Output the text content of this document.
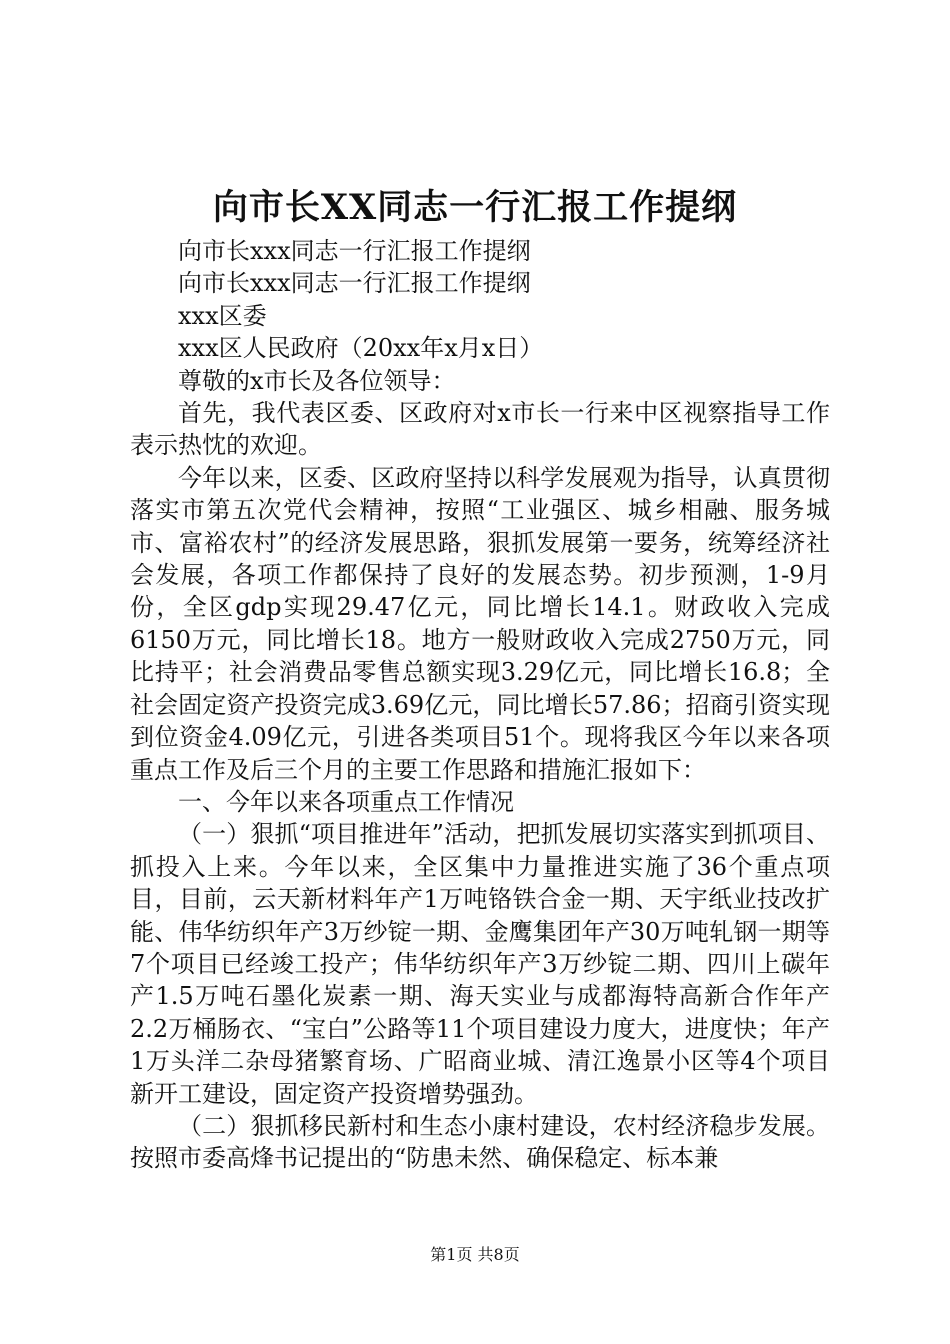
向市长XX同志一行汇报工作提纲

向市长xxx同志一行汇报工作提纲

向市长xxx同志一行汇报工作提纲

xxx区委

xxx区人民政府（20xx年x月x日）

尊敬的x市长及各位领导：

首先，我代表区委、区政府对x市长一行来中区视察指导工作表示热忱的欢迎。

今年以来，区委、区政府坚持以科学发展观为指导，认真贯彻落实市第五次党代会精神，按照“工业强区、城乡相融、服务城市、富裕农村”的经济发展思路，狠抓发展第一要务，统筹经济社会发展，各项工作都保持了良好的发展态势。初步预测，1-9月份，全区gdp实现29.47亿元，同比增长14.1。财政收入完成6150万元，同比增长18。地方一般财政收入完成2750万元，同比持平；社会消费品零售总额实现3.29亿元，同比增长16.8；全社会固定资产投资完成3.69亿元，同比增长57.86；招商引资实现到位资金4.09亿元，引进各类项目51个。现将我区今年以来各项重点工作及后三个月的主要工作思路和措施汇报如下：

一、今年以来各项重点工作情况

（一）狠抓“项目推进年”活动，把抓发展切实落实到抓项目、抓投入上来。今年以来，全区集中力量推进实施了36个重点项目，目前，云天新材料年产1万吨铬铁合金一期、天宇纸业技改扩能、伟华纺织年产3万纱锭一期、金鹰集团年产30万吨轧钢一期等7个项目已经竣工投产；伟华纺织年产3万纱锭二期、四川上碳年产1.5万吨石墨化炭素一期、海天实业与成都海特高新合作年产2.2万桶肠衣、“宝白”公路等11个项目建设力度大，进度快；年产1万头洋二杂母猪繁育场、广昭商业城、清江逸景小区等4个项目新开工建设，固定资产投资增势强劲。

（二）狠抓移民新村和生态小康村建设，农村经济稳步发展。按照市委高烽书记提出的“防患未然、确保稳定、标本兼

第1页 共8页
